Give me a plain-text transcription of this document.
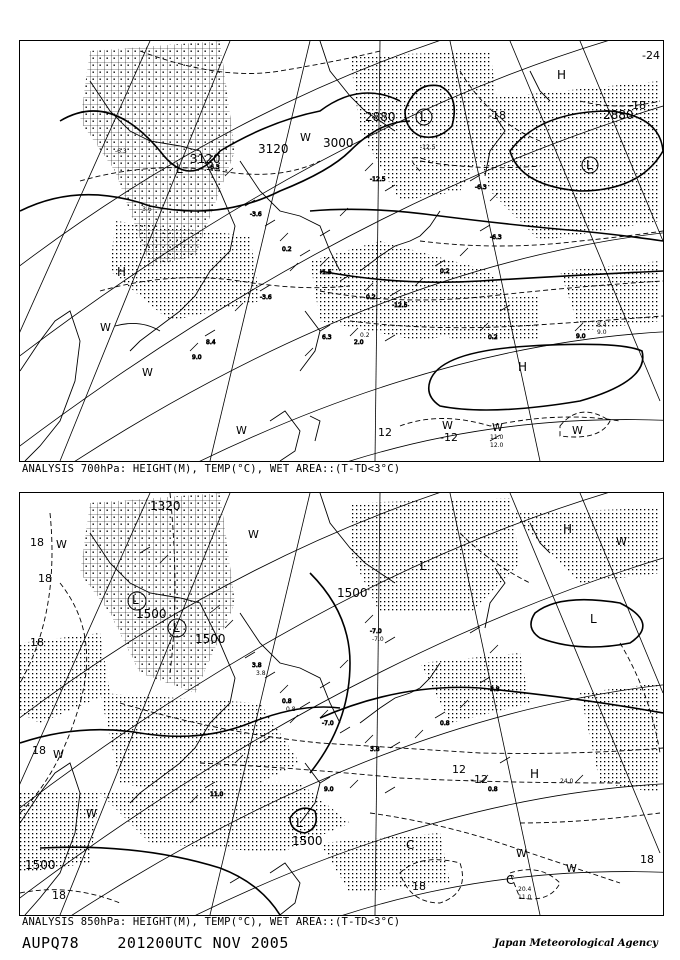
-6.3
-3.6
0.2
-1.5
0.2
-12.5
0.2
-6.3
-3.6
8.4
9.0
6.3
2.0
0.2	9.0
-12.5
-6.3
3120
3120	3000
2880	2880
-24
-18
-18
12	-12
H
L
L
H
H
L
W
W
W
W	W	W	W
8.4
9.0
11.0
12.0
-12.5
-6.3
-3.6
0.2
ANALYSIS 700hPa: HEIGHT(M), TEMP(°C), WET AREA::(T-TD<3°C)
3.8
0.8
-7.0
3.8
0.8
3.8
11.0
9.0	0.8
-7.0
1320
1500
1500
1500
1500
1500
18
18
18
18
18
18
18
12
-12
L
L
L
L
L
H
H
C
C
W
W
W
W
W
W
W
24.0
20.4
11.0
-7.0
3.8
0.8
ANALYSIS 850hPa: HEIGHT(M), TEMP(°C), WET AREA::(T-TD<3°C)
AUPQ78	201200UTC NOV 2005	Japan Meteorological Agency
